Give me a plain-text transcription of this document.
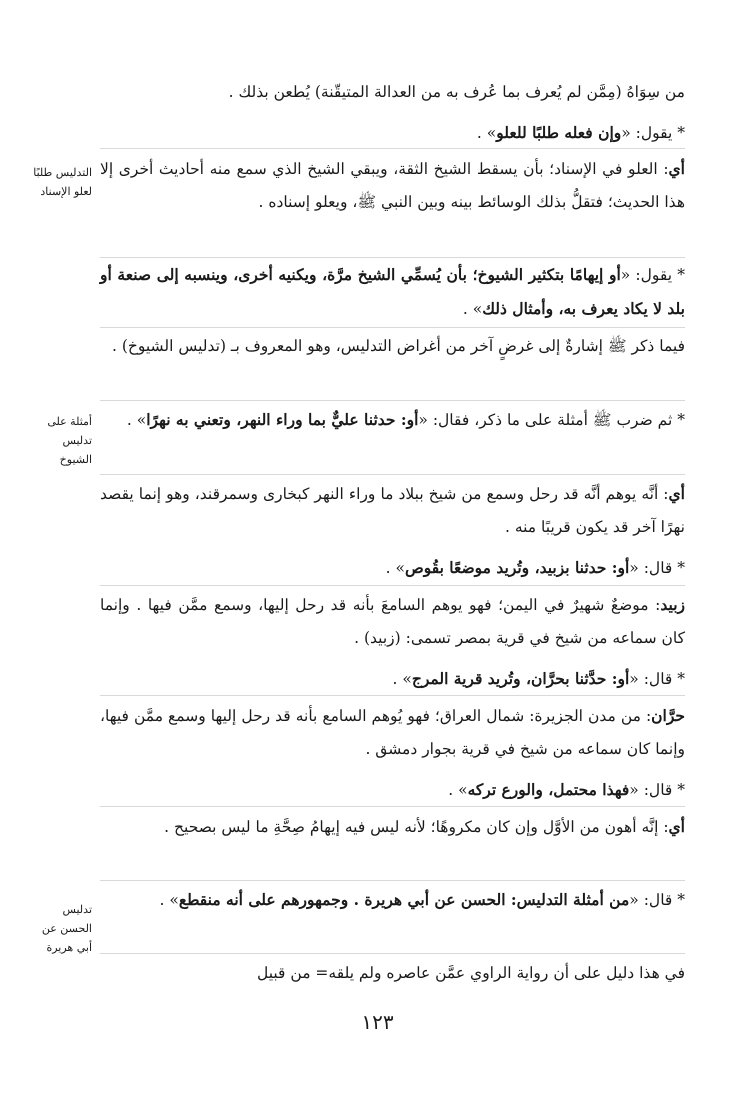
من سِوَاهُ (مِمَّن لم يُعرف بما عُرف به من العدالة المتيقّنة) يُطعن بذلك .

* يقول: «وإن فعله طلبًا للعلو» .

أي: العلو في الإسناد؛ بأن يسقط الشيخ الثقة، ويبقي الشيخ الذي سمع منه أحاديث أخرى إلا هذا الحديث؛ فتقلُّ بذلك الوسائط بينه وبين النبي ﷺ، ويعلو إسناده .

* يقول: «أو إيهامًا بتكثير الشيوخ؛ بأن يُسمِّي الشيخ مرَّة، ويكنيه أخرى، وينسبه إلى صنعة أو بلد لا يكاد يعرف به، وأمثال ذلك» .

فيما ذكر ﷺ إشارةٌ إلى غرضٍ آخر من أغراض التدليس، وهو المعروف بـ (تدليس الشيوخ) .

* ثم ضرب ﷺ أمثلة على ما ذكر، فقال: «أو: حدثنا عليٌّ بما وراء النهر، وتعني به نهرًا» .

أي: أنَّه يوهم أنَّه قد رحل وسمع من شيخ ببلاد ما وراء النهر كبخارى وسمرقند، وهو إنما يقصد نهرًا آخر قد يكون قريبًا منه .

* قال: «أو: حدثنا بزبيد، وتُريد موضعًا بقُوص» .

زبيد: موضعٌ شهيرٌ في اليمن؛ فهو يوهم السامعَ بأنه قد رحل إليها، وسمع ممَّن فيها . وإنما كان سماعه من شيخ في قرية بمصر تسمى: (زبيد) .

* قال: «أو: حدَّثنا بحرَّان، وتُريد قرية المرج» .

حرَّان: من مدن الجزيرة: شمال العراق؛ فهو يُوهم السامع بأنه قد رحل إليها وسمع ممَّن فيها، وإنما كان سماعه من شيخ في قرية بجوار دمشق .

* قال: «فهذا محتمل، والورع تركه» .

أي: إنَّه أهون من الأوَّل وإن كان مكروهًا؛ لأنه ليس فيه إيهامُ صِحَّةِ ما ليس بصحيح .

* قال: «من أمثلة التدليس: الحسن عن أبي هريرة . وجمهورهم على أنه منقطع» .

في هذا دليل على أن رواية الراوي عمَّن عاصره ولم يلقه= من قبيل

التدليس طلبًا
لعلو الإسناد
أمثلة على
تدليس
الشيوخ
تدليس
الحسن عن
أبي هريرة
١٢٣
